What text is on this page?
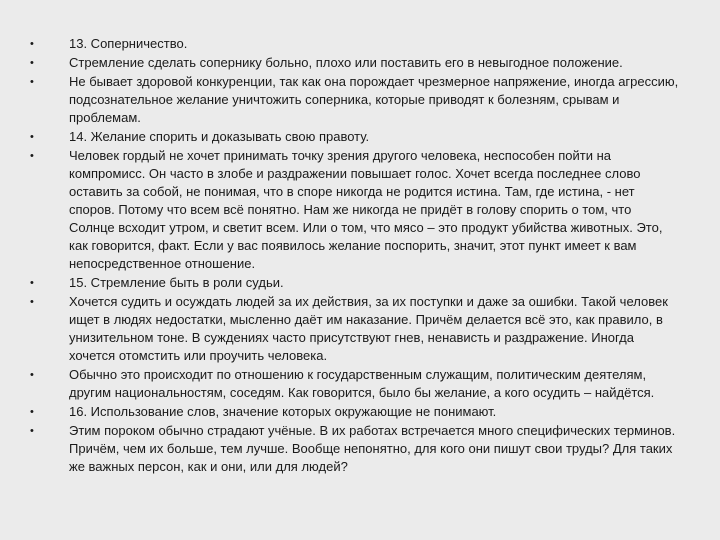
•	13. Соперничество.
•	Стремление сделать сопернику больно, плохо или поставить его в невыгодное положение.
•	Не бывает здоровой конкуренции, так как она порождает чрезмерное напряжение, иногда агрессию, подсознательное желание уничтожить соперника, которые приводят к болезням, срывам и проблемам.
•	14. Желание спорить и доказывать свою правоту.
•	Человек гордый не хочет принимать точку зрения другого человека, неспособен пойти на компромисс. Он часто в злобе и раздражении повышает голос. Хочет всегда последнее слово оставить за собой, не понимая, что в споре никогда не родится истина. Там, где истина, - нет споров. Потому что всем всё понятно. Нам же никогда не придёт в голову спорить о том, что Солнце всходит утром, и светит всем. Или о том, что мясо – это продукт убийства животных. Это, как говорится, факт. Если у вас появилось желание поспорить, значит, этот пункт имеет к вам непосредственное отношение.
•	15. Стремление быть в роли судьи.
•	Хочется судить и осуждать людей за их действия, за их поступки и даже за ошибки. Такой человек ищет в людях недостатки, мысленно даёт им наказание. Причём делается всё это, как правило, в унизительном тоне. В суждениях часто присутствуют гнев, ненависть и раздражение. Иногда хочется отомстить или проучить человека.
•	Обычно это происходит по отношению к государственным служащим, политическим деятелям, другим национальностям, соседям. Как говорится, было бы желание, а кого осудить – найдётся.
•	16. Использование слов, значение которых окружающие не понимают.
•	Этим пороком обычно страдают учёные. В их работах встречается много специфических терминов. Причём, чем их больше, тем лучше. Вообще непонятно, для кого они пишут свои труды? Для таких же важных персон, как и они, или для людей?
